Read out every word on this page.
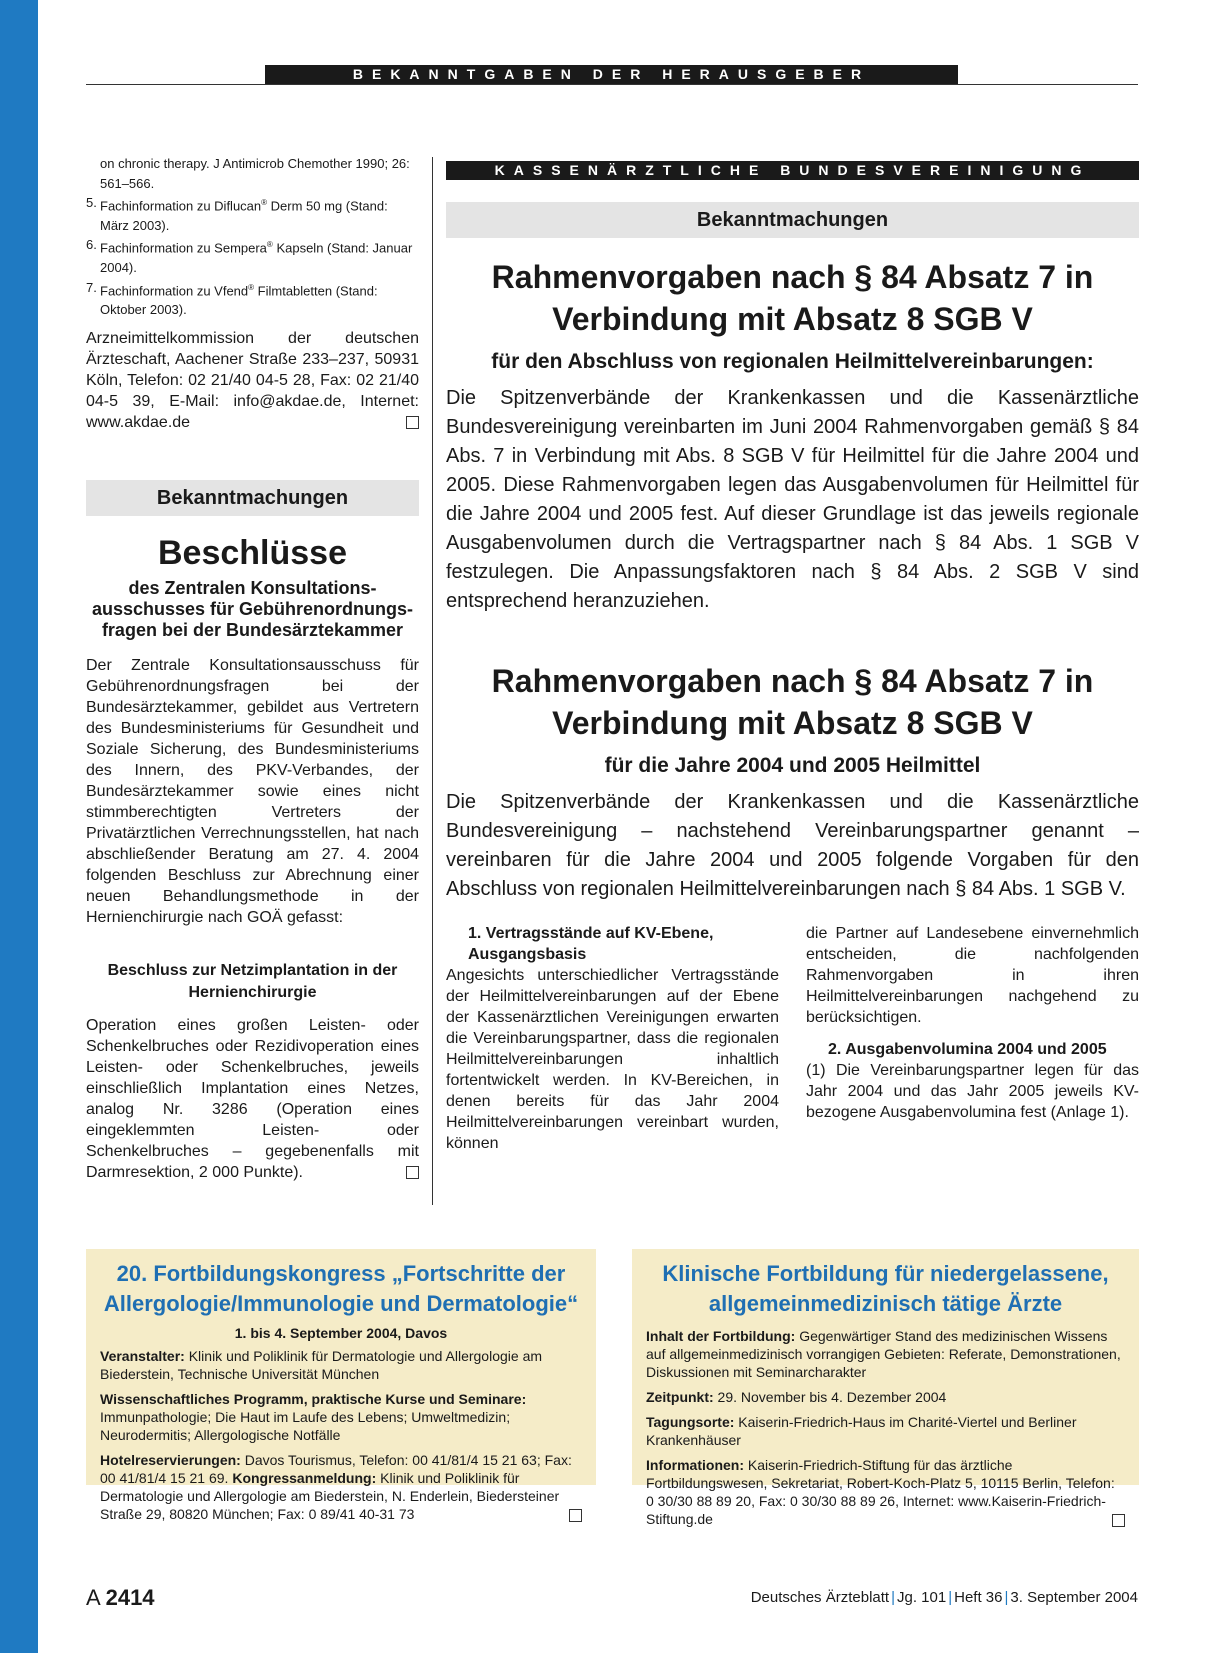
BEKANNTGABEN DER HERAUSGEBER
on chronic therapy. J Antimicrob Chemother 1990; 26: 561–566.
5. Fachinformation zu Diflucan® Derm 50 mg (Stand: März 2003).
6. Fachinformation zu Sempera® Kapseln (Stand: Januar 2004).
7. Fachinformation zu Vfend® Filmtabletten (Stand: Oktober 2003).
Arzneimittelkommission der deutschen Ärzteschaft, Aachener Straße 233–237, 50931 Köln, Telefon: 02 21/40 04-5 28, Fax: 02 21/40 04-5 39, E-Mail: info@akdae.de, Internet: www.akdae.de
Bekanntmachungen
Beschlüsse
des Zentralen Konsultations-ausschusses für Gebührenordnungs-fragen bei der Bundesärztekammer
Der Zentrale Konsultationsausschuss für Gebührenordnungsfragen bei der Bundesärztekammer, gebildet aus Vertretern des Bundesministeriums für Gesundheit und Soziale Sicherung, des Bundesministeriums des Innern, des PKV-Verbandes, der Bundesärztekammer sowie eines nicht stimmberechtigten Vertreters der Privatärztlichen Verrechnungsstellen, hat nach abschließender Beratung am 27. 4. 2004 folgenden Beschluss zur Abrechnung einer neuen Behandlungsmethode in der Hernienchirurgie nach GOÄ gefasst:
Beschluss zur Netzimplantation in der Hernienchirurgie
Operation eines großen Leisten- oder Schenkelbruches oder Rezidivoperation eines Leisten- oder Schenkelbruches, jeweils einschließlich Implantation eines Netzes, analog Nr. 3286 (Operation eines eingeklemmten Leisten- oder Schenkelbruches – gegebenenfalls mit Darmresektion, 2 000 Punkte).
KASSENÄRZTLICHE BUNDESVEREINIGUNG
Bekanntmachungen
Rahmenvorgaben nach § 84 Absatz 7 in Verbindung mit Absatz 8 SGB V
für den Abschluss von regionalen Heilmittelvereinbarungen:
Die Spitzenverbände der Krankenkassen und die Kassenärztliche Bundesvereinigung vereinbarten im Juni 2004 Rahmenvorgaben gemäß § 84 Abs. 7 in Verbindung mit Abs. 8 SGB V für Heilmittel für die Jahre 2004 und 2005. Diese Rahmenvorgaben legen das Ausgabenvolumen für Heilmittel für die Jahre 2004 und 2005 fest. Auf dieser Grundlage ist das jeweils regionale Ausgabenvolumen durch die Vertragspartner nach § 84 Abs. 1 SGB V festzulegen. Die Anpassungsfaktoren nach § 84 Abs. 2 SGB V sind entsprechend heranzuziehen.
Rahmenvorgaben nach § 84 Absatz 7 in Verbindung mit Absatz 8 SGB V
für die Jahre 2004 und 2005 Heilmittel
Die Spitzenverbände der Krankenkassen und die Kassenärztliche Bundesvereinigung – nachstehend Vereinbarungspartner genannt – vereinbaren für die Jahre 2004 und 2005 folgende Vorgaben für den Abschluss von regionalen Heilmittelvereinbarungen nach § 84 Abs. 1 SGB V.
1. Vertragsstände auf KV-Ebene, Ausgangsbasis
Angesichts unterschiedlicher Vertragsstände der Heilmittelvereinbarungen auf der Ebene der Kassenärztlichen Vereinigungen erwarten die Vereinbarungspartner, dass die regionalen Heilmittelvereinbarungen inhaltlich fortentwickelt werden. In KV-Bereichen, in denen bereits für das Jahr 2004 Heilmittelvereinbarungen vereinbart wurden, können
die Partner auf Landesebene einvernehmlich entscheiden, die nachfolgenden Rahmenvorgaben in ihren Heilmittelvereinbarungen nachgehend zu berücksichtigen.
2. Ausgabenvolumina 2004 und 2005
(1) Die Vereinbarungspartner legen für das Jahr 2004 und das Jahr 2005 jeweils KV-bezogene Ausgabenvolumina fest (Anlage 1).
20. Fortbildungskongress „Fortschritte der Allergologie/Immunologie und Dermatologie“
1. bis 4. September 2004, Davos

Veranstalter: Klinik und Poliklinik für Dermatologie und Allergologie am Biederstein, Technische Universität München

Wissenschaftliches Programm, praktische Kurse und Seminare: Immunpathologie; Die Haut im Laufe des Lebens; Umweltmedizin; Neurodermitis; Allergologische Notfälle

Hotelreservierungen: Davos Tourismus, Telefon: 00 41/81/4 15 21 63; Fax: 00 41/81/4 15 21 69. Kongressanmeldung: Klinik und Poliklinik für Dermatologie und Allergologie am Biederstein, N. Enderlein, Biedersteiner Straße 29, 80820 München; Fax: 0 89/41 40-31 73

Klinische Fortbildung für niedergelassene, allgemeinmedizinisch tätige Ärzte

Inhalt der Fortbildung: Gegenwärtiger Stand des medizinischen Wissens auf allgemeinmedizinisch vorrangigen Gebieten: Referate, Demonstrationen, Diskussionen mit Seminarcharakter

Zeitpunkt: 29. November bis 4. Dezember 2004

Tagungsorte: Kaiserin-Friedrich-Haus im Charité-Viertel und Berliner Krankenhäuser

Informationen: Kaiserin-Friedrich-Stiftung für das ärztliche Fortbildungswesen, Sekretariat, Robert-Koch-Platz 5, 10115 Berlin, Telefon: 0 30/30 88 89 20, Fax: 0 30/30 88 89 26, Internet: www.Kaiserin-Friedrich-Stiftung.de

A 2414	Deutsches Ärzteblatt | Jg. 101 | Heft 36 | 3. September 2004
